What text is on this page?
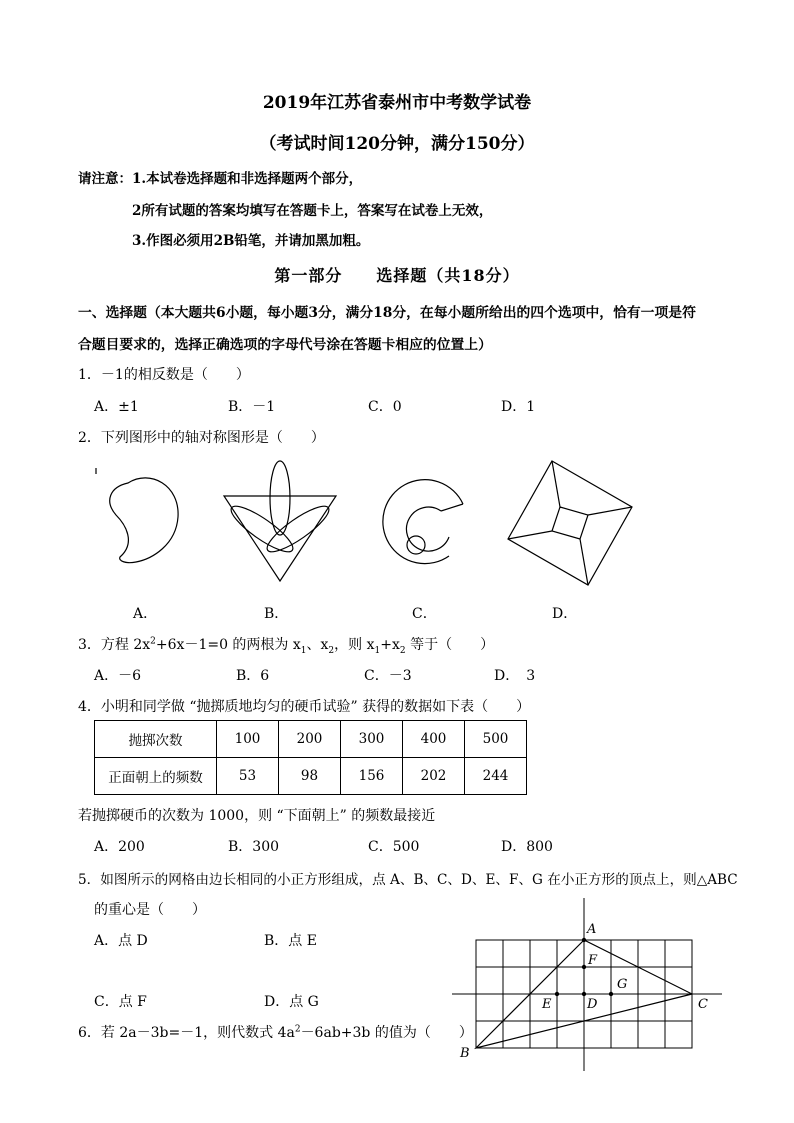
2019年江苏省泰州市中考数学试卷
（考试时间120分钟，满分150分）
请注意： 1.本试卷选择题和非选择题两个部分，
2所有试题的答案均填写在答题卡上，答案写在试卷上无效，
3.作图必须用2B铅笔，并请加黑加粗。
第一部分　　选择题（共18分）
一、选择题（本大题共6小题，每小题3分，满分18分，在每小题所给出的四个选项中，恰有一项是符
合题目要求的，选择正确选项的字母代号涂在答题卡相应的位置上）
1．－1的相反数是（　　）
A．±1	B．－1	C．0	D．1
2．下列图形中的轴对称图形是（　　）
A．	B．	C．	D．
3．方程 $2x^2+6x-1=0$ 的两根为 $x_1$、$x_2$，则 $x_1+x_2$ 等于（　　）
A．－6	B．6	C．－3	D．　3
4．小明和同学做 “抛掷质地均匀的硬币试验” 获得的数据如下表（　　）
抛掷次数	100	200	300	400	500
正面朝上的频数	53	98	156	202	244
若抛掷硬币的次数为 1000，则 “下面朝上” 的频数最接近
A．200	B．300	C．500	D．800
5．如图所示的网格由边长相同的小正方形组成，点 A、B、C、D、E、F、G 在小正方形的顶点上，则△ABC
的重心是（　　）
A．点 D	B．点 E
C．点 F	D．点 G
A
B
C
D
E
F
G
6．若 2a－3b=－1，则代数式 $4a^2-6ab+3b$ 的值为（　　）
